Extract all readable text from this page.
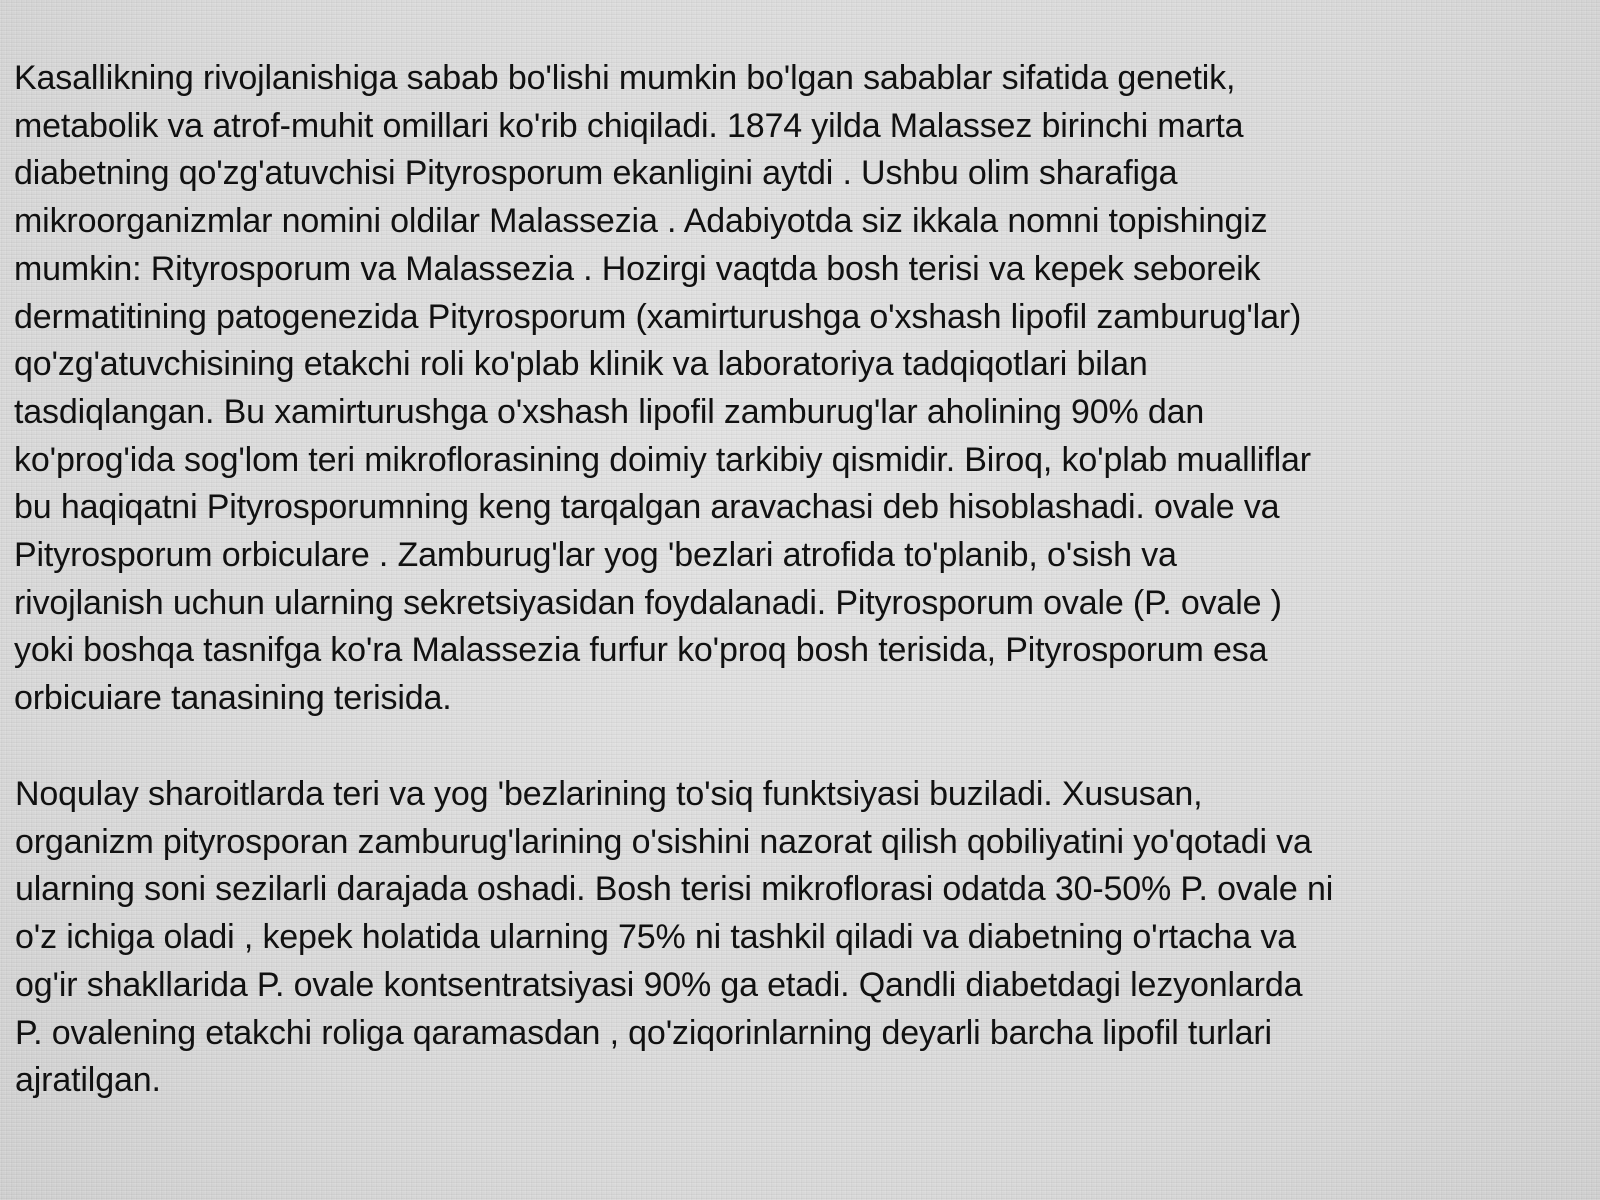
Kasallikning rivojlanishiga sabab bo'lishi mumkin bo'lgan sabablar sifatida genetik,
metabolik va atrof-muhit omillari ko'rib chiqiladi. 1874 yilda Malassez birinchi marta
diabetning qo'zg'atuvchisi Pityrosporum ekanligini aytdi . Ushbu olim sharafiga
mikroorganizmlar nomini oldilar Malassezia . Adabiyotda siz ikkala nomni topishingiz
mumkin: Rityrosporum va Malassezia . Hozirgi vaqtda bosh terisi va kepek seboreik
dermatitining patogenezida Pityrosporum (xamirturushga o'xshash lipofil zamburug'lar)
qo'zg'atuvchisining etakchi roli ko'plab klinik va laboratoriya tadqiqotlari bilan
tasdiqlangan. Bu xamirturushga o'xshash lipofil zamburug'lar aholining 90% dan
ko'prog'ida sog'lom teri mikroflorasining doimiy tarkibiy qismidir. Biroq, ko'plab mualliflar
bu haqiqatni Pityrosporumning keng tarqalgan aravachasi deb hisoblashadi. ovale va
Pityrosporum orbiculare . Zamburug'lar yog 'bezlari atrofida to'planib, o'sish va
rivojlanish uchun ularning sekretsiyasidan foydalanadi. Pityrosporum ovale (P. ovale )
yoki boshqa tasnifga ko'ra Malassezia furfur ko'proq bosh terisida, Pityrosporum esa
orbicuiare tanasining terisida.

Noqulay sharoitlarda teri va yog 'bezlarining to'siq funktsiyasi buziladi. Xususan,
organizm pityrosporan zamburug'larining o'sishini nazorat qilish qobiliyatini yo'qotadi va
ularning soni sezilarli darajada oshadi. Bosh terisi mikroflorasi odatda 30-50% P. ovale ni
o'z ichiga oladi , kepek holatida ularning 75% ni tashkil qiladi va diabetning o'rtacha va
og'ir shakllarida P. ovale kontsentratsiyasi 90% ga etadi. Qandli diabetdagi lezyonlarda
P. ovalening etakchi roliga qaramasdan , qo'ziqorinlarning deyarli barcha lipofil turlari
ajratilgan.
